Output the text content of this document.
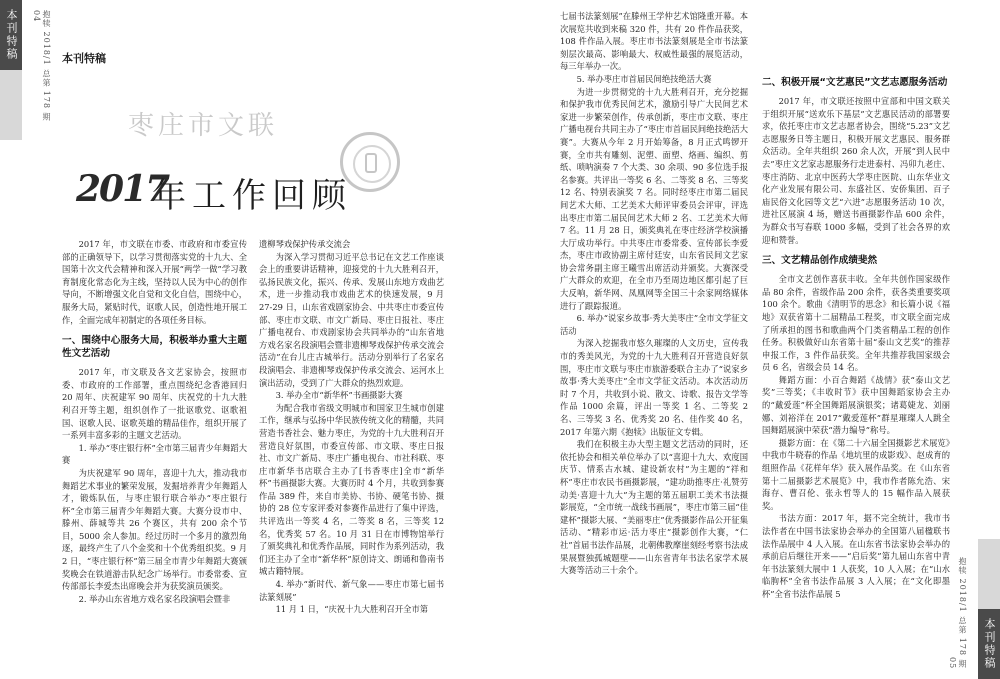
本刊特稿	抱犊 2018/1 总第 178 期 04
本刊特稿
枣庄市文联
2017
年工作回顾

2017 年，市文联在市委、市政府和市委宣传部的正确领导下，以学习贯彻落实党的十九大、全国第十次文代会精神和深入开展“两学一做”学习教育制度化常态化为主线，坚持以人民为中心的创作导向，不断增强文化自觉和文化自信，围绕中心，服务大局，紧贴时代，讴歌人民，创造性地开展工作，全面完成年初制定的各项任务目标。

一、围绕中心服务大局，积极举办重大主题性文艺活动

2017 年，市文联及各文艺家协会，按照市委、市政府的工作部署，重点围绕纪念香港回归 20 周年、庆祝建军 90 周年、庆祝党的十九大胜利召开等主题，组织创作了一批讴歌党、讴歌祖国、讴歌人民、讴歌英雄的精品佳作，组织开展了一系列丰富多彩的主题文艺活动。

1. 举办“枣庄银行杯”全市第三届青少年舞蹈大赛

为庆祝建军 90 周年，喜迎十九大，推动我市舞蹈艺术事业的繁荣发展，发掘培养青少年舞蹈人才，锻炼队伍，与枣庄银行联合举办“枣庄银行杯”全市第三届青少年舞蹈大赛。大赛分设市中、滕州、薛城等共 26 个赛区，共有 200 余个节目，5000 余人参加。经过历时一个多月的激烈角逐，最终产生了八个金奖和十个优秀组织奖。9 月 2 日，“枣庄银行杯”第三届全市青少年舞蹈大赛颁奖晚会在铁道游击队纪念广场举行。市委常委、宣传部部长李爱杰出席晚会并为获奖演员颁奖。

2. 举办山东省地方戏名家名段演唱会暨非

遗柳琴戏保护传承交流会

为深入学习贯彻习近平总书记在文艺工作座谈会上的重要讲话精神，迎接党的十九大胜利召开，弘扬民族文化，振兴、传承、发展山东地方戏曲艺术，进一步推动我市戏曲艺术的快速发展，9 月 27-29 日，山东省戏剧家协会、中共枣庄市委宣传部、枣庄市文联、市文广新局、枣庄日报社、枣庄广播电视台、市戏剧家协会共同举办的“山东省地方戏名家名段演唱会暨非遗柳琴戏保护传承交流会活动”在台儿庄古城举行。活动分别举行了名家名段演唱会、非遗柳琴戏保护传承交流会、运河水上演出活动，受到了广大群众的热烈欢迎。

3. 举办全市“新华杯”书画摄影大赛

为配合我市省级文明城市和国家卫生城市创建工作，继承与弘扬中华民族传统文化的精髓，共同营造书香社会、魅力枣庄，为党的十九大胜利召开营造良好氛围，市委宣传部、市文联、枣庄日报社、市文广新局、枣庄广播电视台、市社科联、枣庄市新华书店联合主办了[书香枣庄]全市“新华杯”书画摄影大赛。大赛历时 4 个月，共收到参赛作品 389 件，来自市美协、书协、硬笔书协、摄协的 28 位专家评委对参赛作品进行了集中评选，共评选出一等奖 4 名，二等奖 8 名，三等奖 12 名，优秀奖 57 名。10 月 31 日在市博物馆举行了颁奖典礼和优秀作品展，同时作为系列活动，我们还主办了全市“新华杯”原创诗文、朗诵和鲁南书城古籍特展。

4. 举办“新时代、新气象——枣庄市第七届书法篆刻展”

11 月 1 日，“庆祝十九大胜利召开全市第

七届书法篆刻展”在滕州王学仲艺术馆隆重开幕。本次展览共收到来稿 320 件，共有 20 件作品获奖，108 件作品入展。枣庄市书法篆刻展是全市书法篆刻层次最高、影响最大、权威性最强的展览活动，每三年举办一次。

5. 举办枣庄市首届民间绝技绝活大赛

为进一步贯彻党的十九大胜利召开，充分挖掘和保护我市优秀民间艺术，激励引导广大民间艺术家进一步繁荣创作，传承创新，枣庄市文联、枣庄广播电视台共同主办了“枣庄市首届民间绝技绝活大赛”。大赛从今年 2 月开始筹备，8 月正式鸣锣开赛，全市共有雕刻、泥塑、面塑、烙画、编织、剪纸、唢呐演奏 7 个大类、30 余项、90 多位选手报名参赛。共评出一等奖 6 名、二等奖 8 名、三等奖 12 名、特别表演奖 7 名。同时经枣庄市第二届民间艺术大师、工艺美术大师评审委员会评审，评选出枣庄市第二届民间艺术大师 2 名、工艺美术大师 7 名。11 月 28 日，颁奖典礼在枣庄经济学校演播大厅成功举行。中共枣庄市委常委、宣传部长李爱杰，枣庄市政协副主席付廷安，山东省民间文艺家协会常务副主席王曦雪出席活动并颁奖。大赛深受广大群众的欢迎，在全市乃至周边地区都引起了巨大反响，新华网、凤凰网等全国三十余家网络媒体进行了跟踪报道。

6. 举办“说家乡故事·秀大美枣庄”全市文学征文活动

为深入挖掘我市悠久璀璨的人文历史，宣传我市的秀美风光，为党的十九大胜利召开营造良好氛围，枣庄市文联与枣庄市旅游委联合主办了“说家乡故事·秀大美枣庄”全市文学征文活动。本次活动历时 7 个月，共收到小说、散文、诗歌、报告文学等作品 1000 余篇，评出一等奖 1 名、二等奖 2 名、三等奖 3 名、优秀奖 20 名、佳作奖 40 名，2017 年第六期《抱犊》出版征文专辑。

我们在积极主办大型主题文艺活动的同时，还依托协会和相关单位举办了以“喜迎十九大、欢度国庆节、情系古水城、建设新农村”为主题的“祥和杯”枣庄市农民书画摄影展，“建功助推枣庄·礼赞劳动美·喜迎十九大”为主题的第五届职工美术书法摄影展览，“全市统一战线书画展”，枣庄市第三届“佳建杯”摄影大展、“美丽枣庄”优秀摄影作品公开征集活动、“精彩市运·活力枣庄”摄影创作大赛，“仁社”首届书法作品展，北朝佛教摩崖刻经考察书法成果展暨独孤城题壁——山东省青年书法名家学术展大赛等活动三十余个。

二、积极开展“文艺惠民”文艺志愿服务活动

2017 年，市文联还按照中宣部和中国文联关于组织开展“送欢乐下基层”文艺惠民活动的部署要求，依托枣庄市文艺志愿者协会，围绕“5.23”文艺志愿服务日等主题日，积极开展文艺惠民、服务群众活动。全年共组织 260 余人次，开展“到人民中去”枣庄文艺家志愿服务行走进泰村、冯卯九老庄、枣庄消防、北京中医药大学枣庄医院、山东华业文化产业发展有限公司、东盛社区、安侨集团、百子庙民俗文化园等文艺“六进”志愿服务活动 10 次，进社区展演 4 场，赠送书画摄影作品 600 余件，为群众书写春联 1000 多幅，受到了社会各界的欢迎和赞誉。

三、文艺精品创作成绩斐然

全市文艺创作喜获丰收。全年共创作国家级作品 80 余件，省级作品 200 余件，获各类重要奖项 100 余个。歌曲《清明节的思念》和长篇小说《福地》双获省第十二届精品工程奖，市文联全面完成了所承担的图书和歌曲两个门类省精品工程的创作任务。积极做好山东省第十届“泰山文艺奖”的推荐申报工作，3 件作品获奖。全年共推荐我国家级会员 6 名，省级会员 14 名。

舞蹈方面：小百合舞蹈《战情》获“泰山文艺奖”三等奖；《丰收时节》获中国舞蹈家协会主办的“戴爱莲”杯全国舞蹈展演银奖；诸葛婕龙、刘丽娜、刘裕洋在 2017“戴爱莲杯”群星璀璨人人跳全国舞蹈展演中荣获“潜力编导”称号。

摄影方面：在《第二十六届全国摄影艺术展览》中我市牛晓春的作品《地坑里的成影戏》、赵成育的组照作品《花样年华》获入展作品奖。在《山东省第十二届摄影艺术展览》中，我市作者陈允浩、宋海存、曹召伦、张永哲等人的 15 幅作品入展获奖。

书法方面：2017 年，据不完全统计，我市书法作者在中国书法家协会举办的全国第八届楹联书法作品展中 4 人入展。在山东省书法家协会举办的承前启后继往开来——“启后奖”第九届山东省中青年书法篆刻大展中 1 人获奖，10 人入展；在“山水临朐杯”全省书法作品展 3 人入展；在“文化即墨杯”全省书法作品展 5	抱犊 2018/1 总第 178 期 05	本刊特稿
